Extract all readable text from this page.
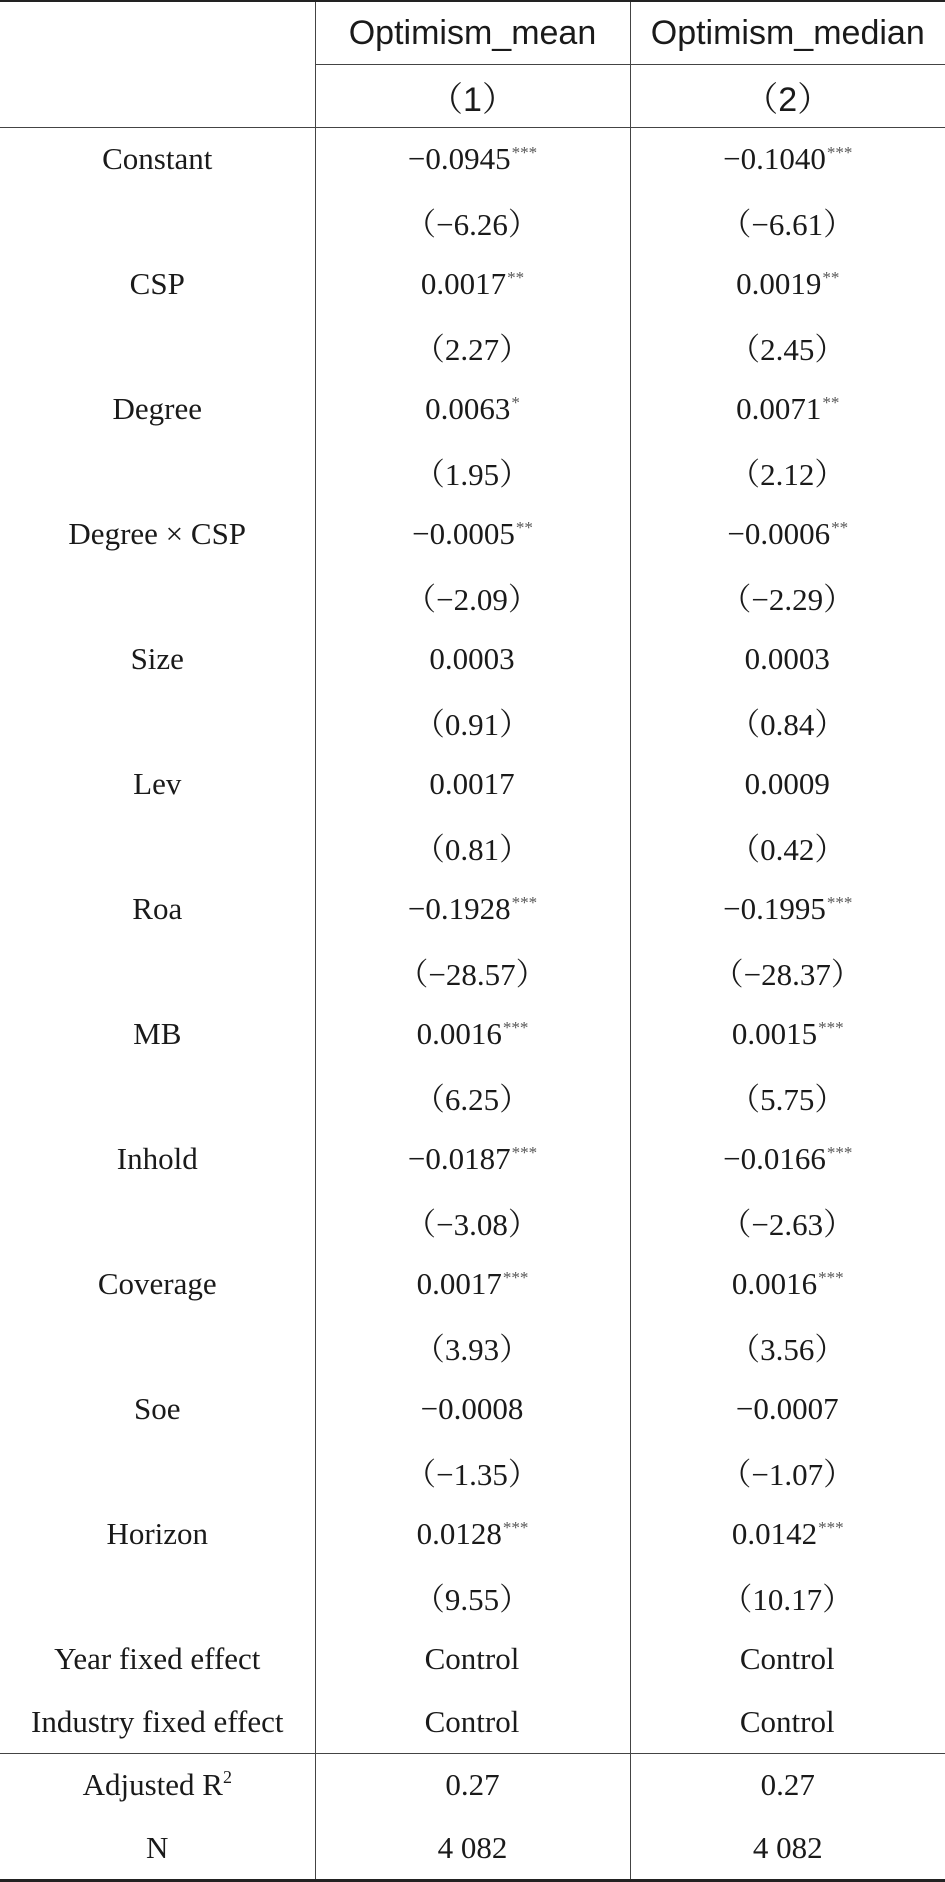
	Optimism_mean	Optimism_median
	（1）	（2）
Constant	−0.0945***	−0.1040***
	（−6.26）	（−6.61）
CSP	0.0017**	0.0019**
	（2.27）	（2.45）
Degree	0.0063*	0.0071**
	（1.95）	（2.12）
Degree × CSP	−0.0005**	−0.0006**
	（−2.09）	（−2.29）
Size	0.0003	0.0003
	（0.91）	（0.84）
Lev	0.0017	0.0009
	（0.81）	（0.42）
Roa	−0.1928***	−0.1995***
	（−28.57）	（−28.37）
MB	0.0016***	0.0015***
	（6.25）	（5.75）
Inhold	−0.0187***	−0.0166***
	（−3.08）	（−2.63）
Coverage	0.0017***	0.0016***
	（3.93）	（3.56）
Soe	−0.0008	−0.0007
	（−1.35）	（−1.07）
Horizon	0.0128***	0.0142***
	（9.55）	（10.17）
Year fixed effect	Control	Control
Industry fixed effect	Control	Control
Adjusted $R^2$	0.27	0.27
N	4 082	4 082
